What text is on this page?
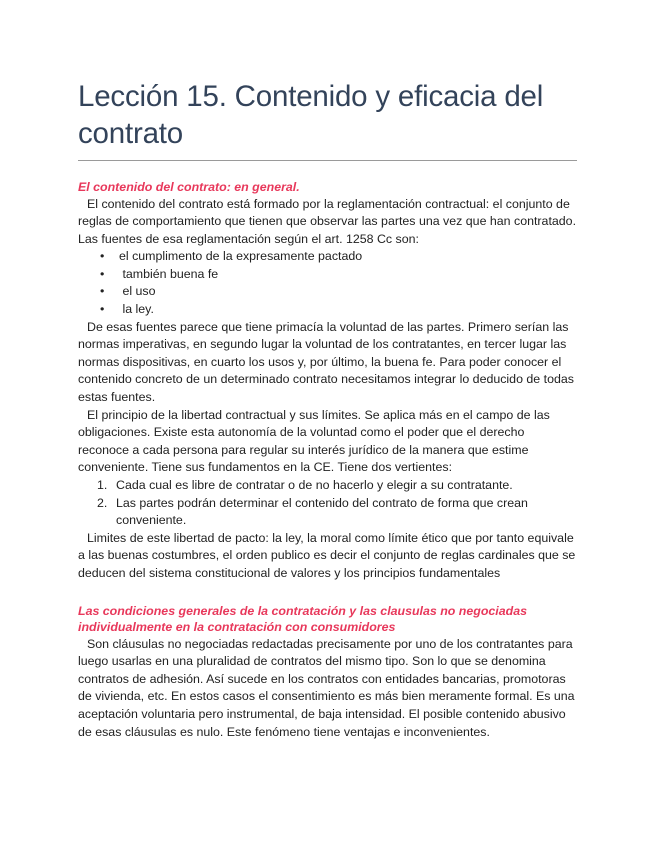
Lección 15. Contenido y eficacia del contrato
El contenido del contrato: en general.

El contenido del contrato está formado por la reglamentación contractual: el conjunto de reglas de comportamiento que tienen que observar las partes una vez que han contratado. Las fuentes de esa reglamentación según el art. 1258 Cc son:

• el cumplimento de la expresamente pactado
• también buena fe
• el uso
• la ley.

De esas fuentes parece que tiene primacía la voluntad de las partes. Primero serían las normas imperativas, en segundo lugar la voluntad de los contratantes, en tercer lugar las normas dispositivas, en cuarto los usos y, por último, la buena fe. Para poder conocer el contenido concreto de un determinado contrato necesitamos integrar lo deducido de todas estas fuentes.

El principio de la libertad contractual y sus límites. Se aplica más en el campo de las obligaciones. Existe esta autonomía de la voluntad como el poder que el derecho reconoce a cada persona para regular su interés jurídico de la manera que estime conveniente. Tiene sus fundamentos en la CE. Tiene dos vertientes:

1. Cada cual es libre de contratar o de no hacerlo y elegir a su contratante.
2. Las partes podrán determinar el contenido del contrato de forma que crean conveniente.

Limites de este libertad de pacto: la ley, la moral como límite ético que por tanto equivale a las buenas costumbres, el orden publico es decir el conjunto de reglas cardinales que se deducen del sistema constitucional de valores y los principios fundamentales

Las condiciones generales de la contratación y las clausulas no negociadas individualmente en la contratación con consumidores

Son cláusulas no negociadas redactadas precisamente por uno de los contratantes para luego usarlas en una pluralidad de contratos del mismo tipo. Son lo que se denomina contratos de adhesión. Así sucede en los contratos con entidades bancarias, promotoras de vivienda, etc. En estos casos el consentimiento es más bien meramente formal. Es una aceptación voluntaria pero instrumental, de baja intensidad. El posible contenido abusivo de esas cláusulas es nulo. Este fenómeno tiene ventajas e inconvenientes.
